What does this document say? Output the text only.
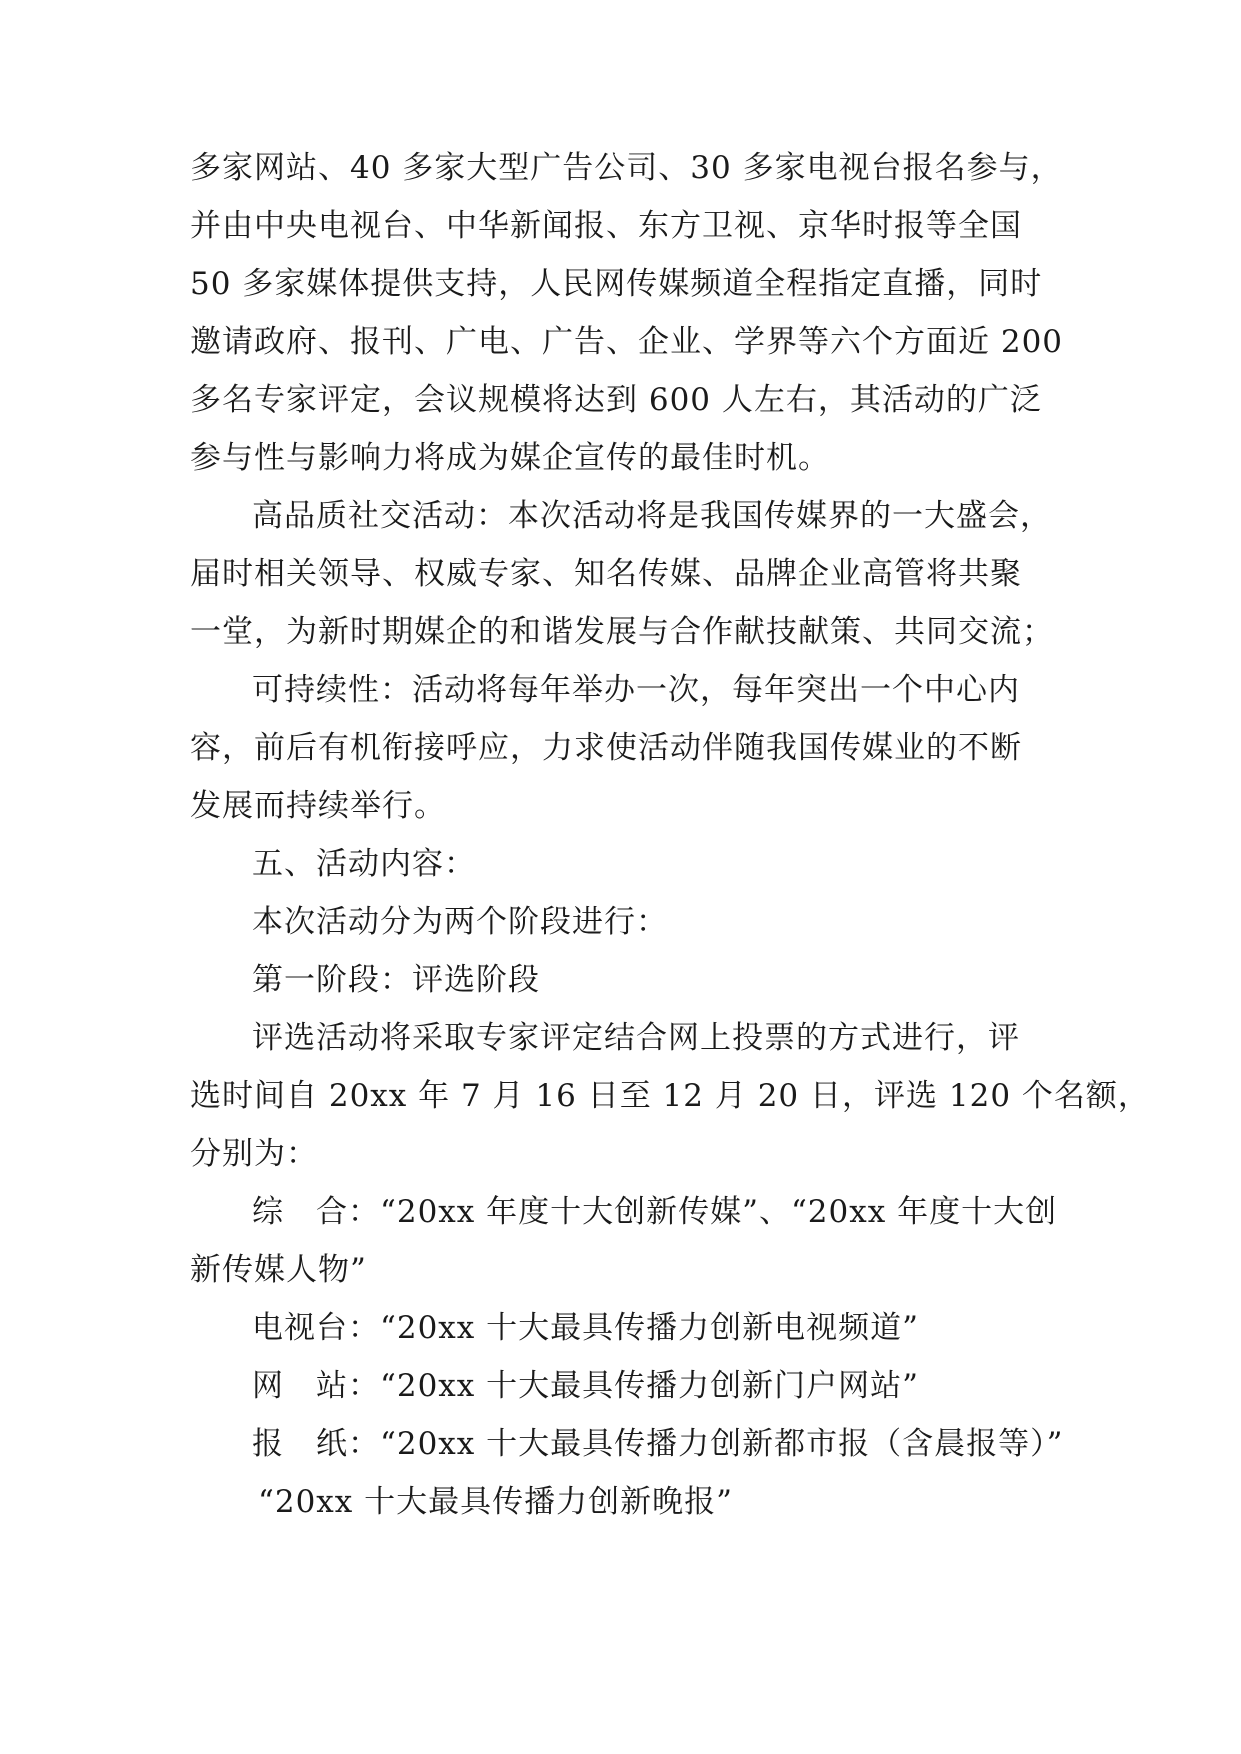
多家网站、40 多家大型广告公司、30 多家电视台报名参与，
并由中央电视台、中华新闻报、东方卫视、京华时报等全国
50 多家媒体提供支持，人民网传媒频道全程指定直播，同时
邀请政府、报刊、广电、广告、企业、学界等六个方面近 200
多名专家评定，会议规模将达到 600 人左右，其活动的广泛
参与性与影响力将成为媒企宣传的最佳时机。
高品质社交活动：本次活动将是我国传媒界的一大盛会，
届时相关领导、权威专家、知名传媒、品牌企业高管将共聚
一堂，为新时期媒企的和谐发展与合作献技献策、共同交流；
可持续性：活动将每年举办一次，每年突出一个中心内
容，前后有机衔接呼应，力求使活动伴随我国传媒业的不断
发展而持续举行。
五、活动内容：
本次活动分为两个阶段进行：
第一阶段：评选阶段
评选活动将采取专家评定结合网上投票的方式进行，评
选时间自 20xx 年 7 月 16 日至 12 月 20 日，评选 120 个名额，
分别为：
综　合：“20xx 年度十大创新传媒”、“20xx 年度十大创
新传媒人物”
电视台：“20xx 十大最具传播力创新电视频道”
网　站：“20xx 十大最具传播力创新门户网站”
报　纸：“20xx 十大最具传播力创新都市报（含晨报等）”
“20xx 十大最具传播力创新晚报”
